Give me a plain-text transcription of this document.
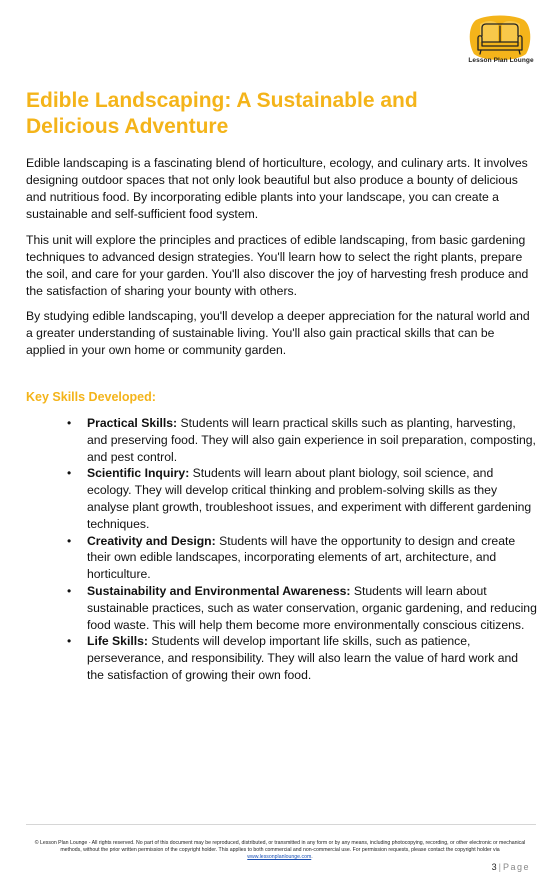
Lesson Plan Lounge
Edible Landscaping: A Sustainable and Delicious Adventure

Edible landscaping is a fascinating blend of horticulture, ecology, and culinary arts. It involves designing outdoor spaces that not only look beautiful but also produce a bounty of delicious and nutritious food. By incorporating edible plants into your landscape, you can create a sustainable and self-sufficient food system.

This unit will explore the principles and practices of edible landscaping, from basic gardening techniques to advanced design strategies. You'll learn how to select the right plants, prepare the soil, and care for your garden. You'll also discover the joy of harvesting fresh produce and the satisfaction of sharing your bounty with others.

By studying edible landscaping, you'll develop a deeper appreciation for the natural world and a greater understanding of sustainable living. You'll also gain practical skills that can be applied in your own home or community garden.

Key Skills Developed:
• Practical Skills: Students will learn practical skills such as planting, harvesting, and preserving food. They will also gain experience in soil preparation, composting, and pest control.
• Scientific Inquiry: Students will learn about plant biology, soil science, and ecology. They will develop critical thinking and problem-solving skills as they analyse plant growth, troubleshoot issues, and experiment with different gardening techniques.
• Creativity and Design: Students will have the opportunity to design and create their own edible landscapes, incorporating elements of art, architecture, and horticulture.
• Sustainability and Environmental Awareness: Students will learn about sustainable practices, such as water conservation, organic gardening, and reducing food waste. This will help them become more environmentally conscious citizens.
• Life Skills: Students will develop important life skills, such as patience, perseverance, and responsibility. They will also learn the value of hard work and the satisfaction of growing their own food.
© Lesson Plan Lounge - All rights reserved. No part of this document may be reproduced, distributed, or transmitted in any form or by any means, including photocopying, recording, or other electronic or mechanical methods, without the prior written permission of the copyright holder. This applies to both commercial and non-commercial use. For permission requests, please contact the copyright holder via www.lessonplanlounge.com.
3 | Page
